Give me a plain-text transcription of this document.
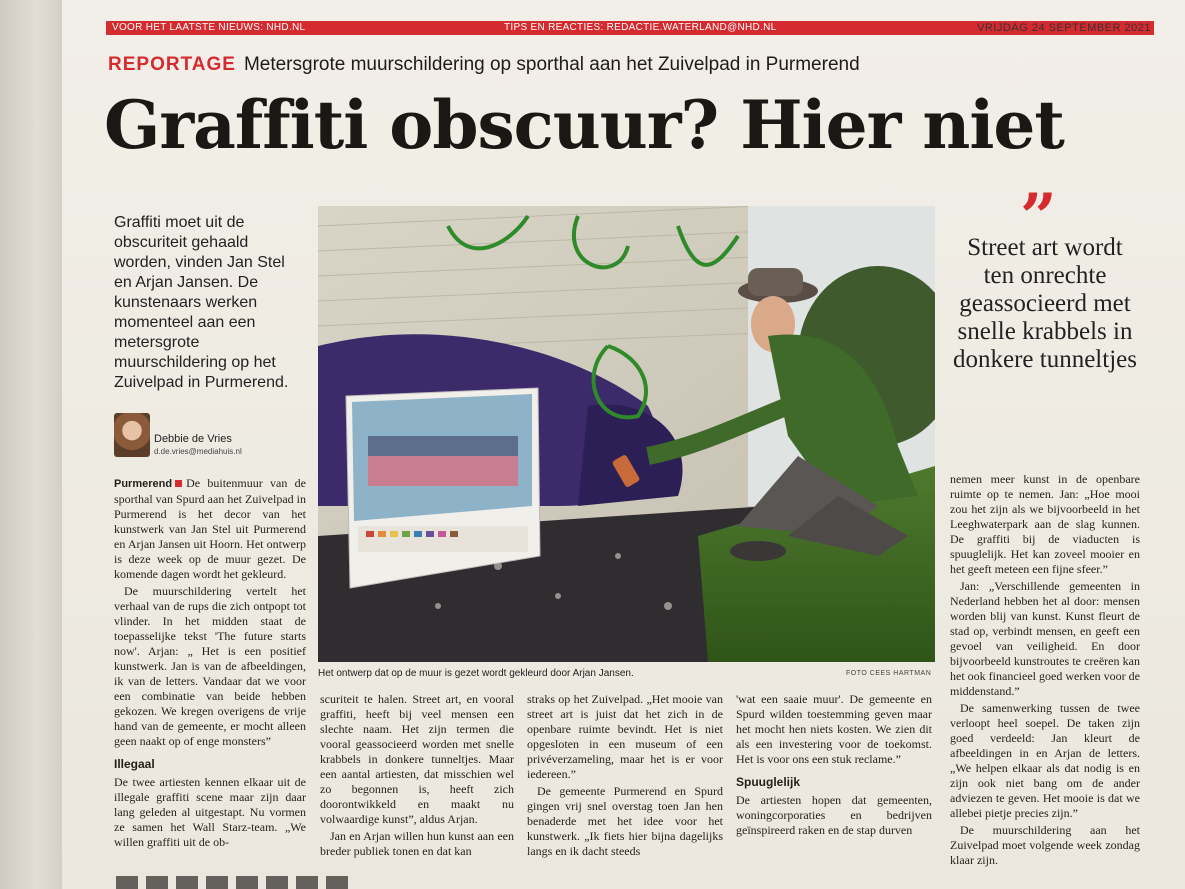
VOOR HET LAATSTE NIEUWS: NHD.NL	TIPS EN REACTIES: REDACTIE.WATERLAND@NHD.NL	VRIJDAG 24 SEPTEMBER 2021
REPORTAGE Metersgrote muurschildering op sporthal aan het Zuivelpad in Purmerend
Graffiti obscuur? Hier niet
Graffiti moet uit de obscuriteit gehaald worden, vinden Jan Stel en Arjan Jansen. De kunstenaars werken momenteel aan een metersgrote muurschildering op het Zuivelpad in Purmerend.
Debbie de Vries
d.de.vries@mediahuis.nl

Purmerend De buitenmuur van de sporthal van Spurd aan het Zuivelpad in Purmerend is het decor van het kunstwerk van Jan Stel uit Purmerend en Arjan Jansen uit Hoorn. Het ontwerp is deze week op de muur gezet. De komende dagen wordt het gekleurd.

De muurschildering vertelt het verhaal van de rups die zich ontpopt tot vlinder. In het midden staat de toepasselijke tekst 'The future starts now'. Arjan: „ Het is een positief kunstwerk. Jan is van de afbeeldingen, ik van de letters. Vandaar dat we voor een combinatie van beide hebben gekozen. We kregen overigens de vrije hand van de gemeente, er mocht alleen geen naakt op of enge monsters”

Illegaal

De twee artiesten kennen elkaar uit de illegale graffiti scene maar zijn daar lang geleden al uitgestapt. Nu vormen ze samen het Wall Starz-team. „We willen graffiti uit de ob-

Het ontwerp dat op de muur is gezet wordt gekleurd door Arjan Jansen.	FOTO CEES HARTMAN
”
Street art wordt ten onrechte geassocieerd met snelle krabbels in donkere tunneltjes

scuriteit te halen. Street art, en vooral graffiti, heeft bij veel mensen een slechte naam. Het zijn termen die vooral geassocieerd worden met snelle krabbels in donkere tunneltjes. Maar een aantal artiesten, dat misschien wel zo begonnen is, heeft zich doorontwikkeld en maakt nu volwaardige kunst”, aldus Arjan.

Jan en Arjan willen hun kunst aan een breder publiek tonen en dat kan

straks op het Zuivelpad. „Het mooie van street art is juist dat het zich in de openbare ruimte bevindt. Het is niet opgesloten in een museum of een privéverzameling, maar het is er voor iedereen.”

De gemeente Purmerend en Spurd gingen vrij snel overstag toen Jan hen benaderde met het idee voor het kunstwerk. „Ik fiets hier bijna dagelijks langs en ik dacht steeds

'wat een saaie muur'. De gemeente en Spurd wilden toestemming geven maar het mocht hen niets kosten. We zien dit als een investering voor de toekomst. Het is voor ons een stuk reclame.”

Spuuglelijk

De artiesten hopen dat gemeenten, woningcorporaties en bedrijven geïnspireerd raken en de stap durven

nemen meer kunst in de openbare ruimte op te nemen. Jan: „Hoe mooi zou het zijn als we bijvoorbeeld in het Leeghwaterpark aan de slag kunnen. De graffiti bij de viaducten is spuuglelijk. Het kan zoveel mooier en het geeft meteen een fijne sfeer.”

Jan: „Verschillende gemeenten in Nederland hebben het al door: mensen worden blij van kunst. Kunst fleurt de stad op, verbindt mensen, en geeft een gevoel van veiligheid. En door bijvoorbeeld kunstroutes te creëren kan het ook financieel goed werken voor de middenstand.”

De samenwerking tussen de twee verloopt heel soepel. De taken zijn goed verdeeld: Jan kleurt de afbeeldingen in en Arjan de letters. „We helpen elkaar als dat nodig is en zijn ook niet bang om de ander adviezen te geven. Het mooie is dat we allebei pietje precies zijn.”

De muurschildering aan het Zuivelpad moet volgende week zondag klaar zijn.
